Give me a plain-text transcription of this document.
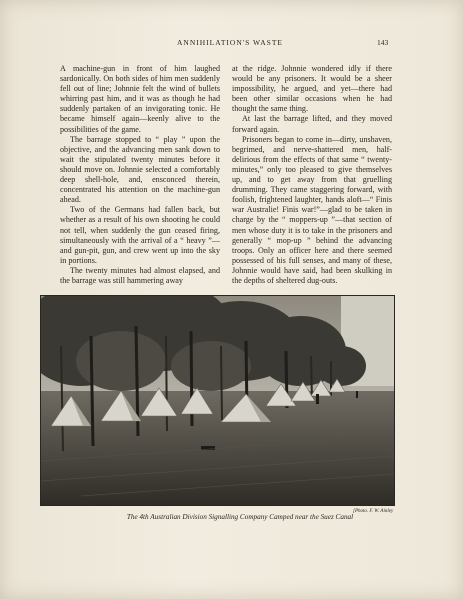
ANNIHILATION'S WASTE	143

A machine-gun in front of him laughed sardonically. On both sides of him men suddenly fell out of line; Johnnie felt the wind of bullets whirring past him, and it was as though he had suddenly partaken of an invigorating tonic. He became himself again—keenly alive to the possibilities of the game.

The barrage stopped to “ play ” upon the objective, and the advancing men sank down to wait the stipulated twenty minutes before it should move on. Johnnie selected a comfortably deep shell-hole, and, ensconced therein, concentrated his attention on the machine-gun ahead.

Two of the Germans had fallen back, but whether as a result of his own shooting he could not tell, when suddenly the gun ceased firing, simultaneously with the arrival of a “ heavy ”—and gun-pit, gun, and crew went up into the sky in portions.

The twenty minutes had almost elapsed, and the barrage was still hammering away

at the ridge. Johnnie wondered idly if there would be any prisoners. It would be a sheer impossibility, he argued, and yet—there had been other similar occasions when he had thought the same thing.

At last the barrage lifted, and they moved forward again.

Prisoners began to come in—dirty, unshaven, begrimed, and nerve-shattered men, half-delirious from the effects of that same “ twenty-minutes,” only too pleased to give themselves up, and to get away from that gruelling drumming. They came staggering forward, with foolish, frightened laughter, hands aloft—“ Finis war Australie! Finis war!”—glad to be taken in charge by the “ moppers-up ”—that section of men whose duty it is to take in the prisoners and generally “ mop-up ” behind the advancing troops. Only an officer here and there seemed possessed of his full senses, and many of these, Johnnie would have said, had been skulking in the depths of sheltered dug-outs.

The 4th Australian Division Signalling Company Camped near the Suez Canal
[Photo. F. W. Ainley
